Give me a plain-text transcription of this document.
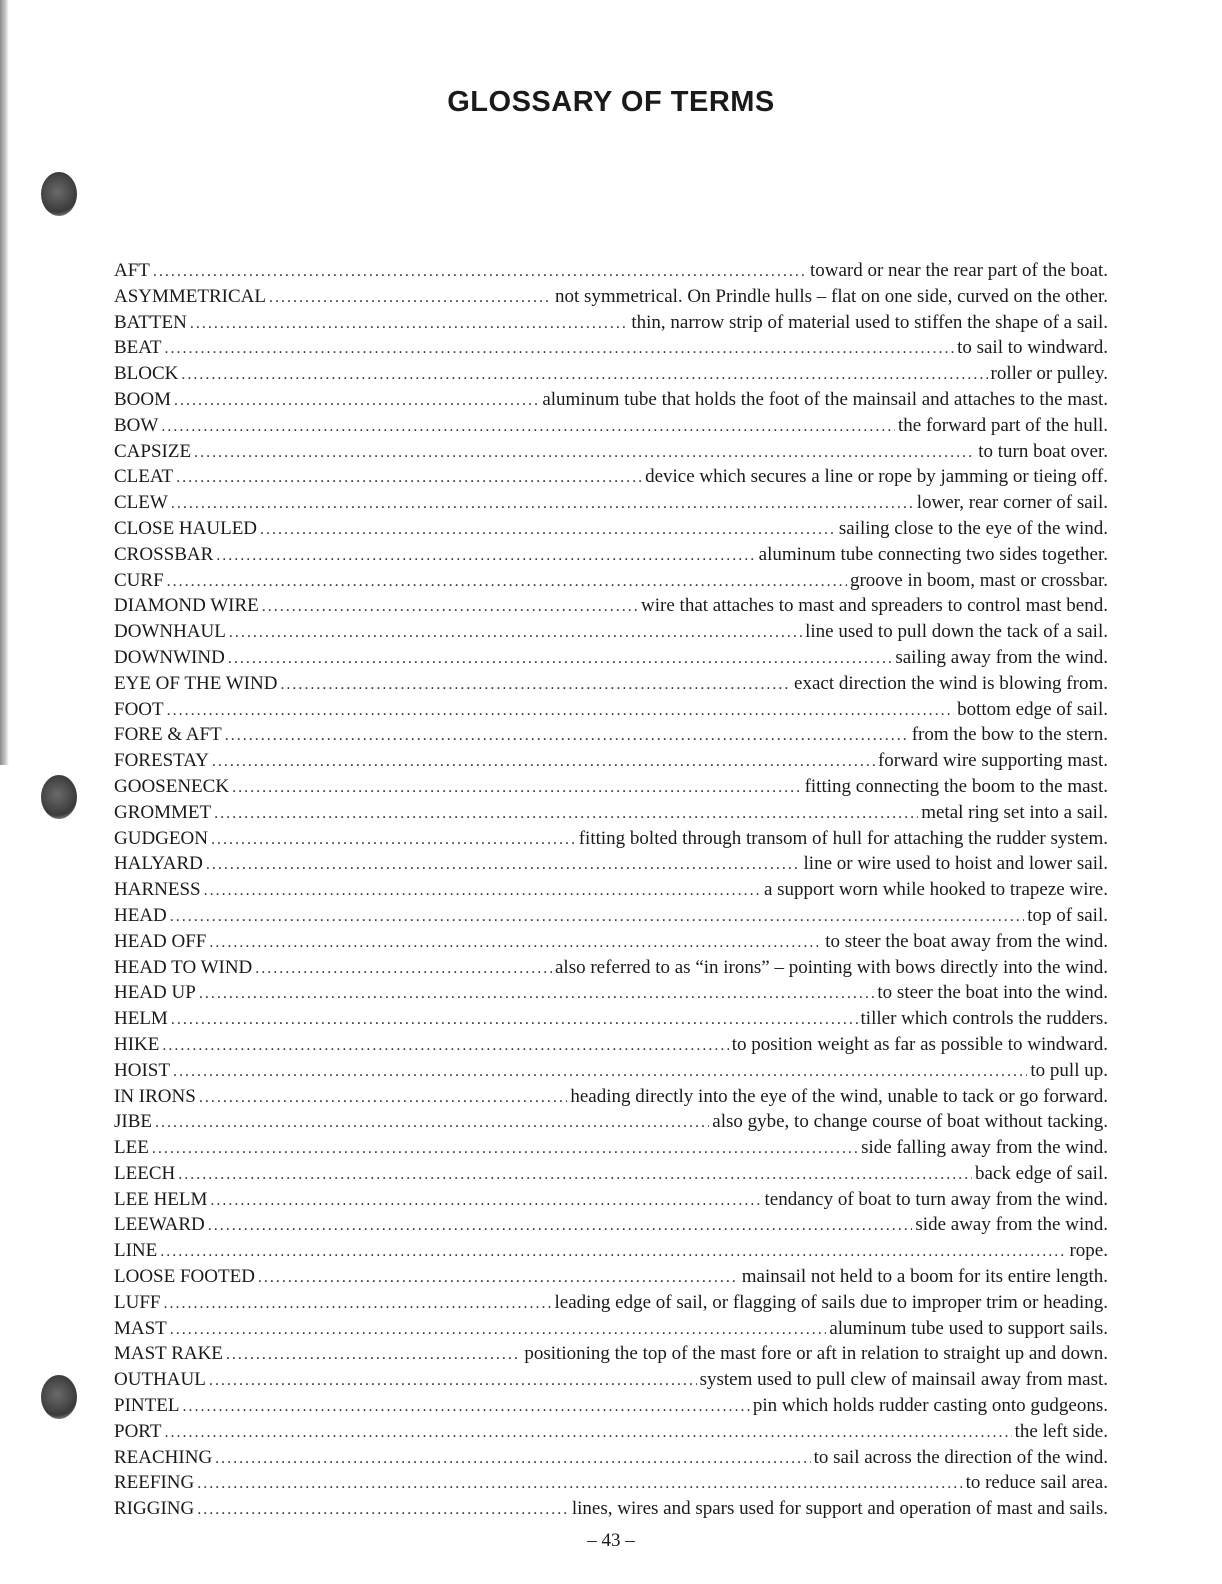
GLOSSARY OF TERMS
AFT .....	toward or near the rear part of the boat.
ASYMMETRICAL .....	not symmetrical. On Prindle hulls – flat on one side, curved on the other.
BATTEN .....	thin, narrow strip of material used to stiffen the shape of a sail.
BEAT .....	to sail to windward.
BLOCK .....	roller or pulley.
BOOM .....	aluminum tube that holds the foot of the mainsail and attaches to the mast.
BOW .....	the forward part of the hull.
CAPSIZE .....	to turn boat over.
CLEAT .....	device which secures a line or rope by jamming or tieing off.
CLEW .....	lower, rear corner of sail.
CLOSE HAULED .....	sailing close to the eye of the wind.
CROSSBAR .....	aluminum tube connecting two sides together.
CURF .....	groove in boom, mast or crossbar.
DIAMOND WIRE .....	wire that attaches to mast and spreaders to control mast bend.
DOWNHAUL .....	line used to pull down the tack of a sail.
DOWNWIND .....	sailing away from the wind.
EYE OF THE WIND .....	exact direction the wind is blowing from.
FOOT .....	bottom edge of sail.
FORE & AFT .....	from the bow to the stern.
FORESTAY .....	forward wire supporting mast.
GOOSENECK .....	fitting connecting the boom to the mast.
GROMMET .....	metal ring set into a sail.
GUDGEON .....	fitting bolted through transom of hull for attaching the rudder system.
HALYARD .....	line or wire used to hoist and lower sail.
HARNESS .....	a support worn while hooked to trapeze wire.
HEAD .....	top of sail.
HEAD OFF .....	to steer the boat away from the wind.
HEAD TO WIND .....	also referred to as “in irons” – pointing with bows directly into the wind.
HEAD UP .....	to steer the boat into the wind.
HELM .....	tiller which controls the rudders.
HIKE .....	to position weight as far as possible to windward.
HOIST .....	to pull up.
IN IRONS .....	heading directly into the eye of the wind, unable to tack or go forward.
JIBE .....	also gybe, to change course of boat without tacking.
LEE .....	side falling away from the wind.
LEECH .....	back edge of sail.
LEE HELM .....	tendancy of boat to turn away from the wind.
LEEWARD .....	side away from the wind.
LINE .....	rope.
LOOSE FOOTED .....	mainsail not held to a boom for its entire length.
LUFF .....	leading edge of sail, or flagging of sails due to improper trim or heading.
MAST .....	aluminum tube used to support sails.
MAST RAKE .....	positioning the top of the mast fore or aft in relation to straight up and down.
OUTHAUL .....	system used to pull clew of mainsail away from mast.
PINTEL .....	pin which holds rudder casting onto gudgeons.
PORT .....	the left side.
REACHING .....	to sail across the direction of the wind.
REEFING .....	to reduce sail area.
RIGGING .....	lines, wires and spars used for support and operation of mast and sails.
– 43 –
